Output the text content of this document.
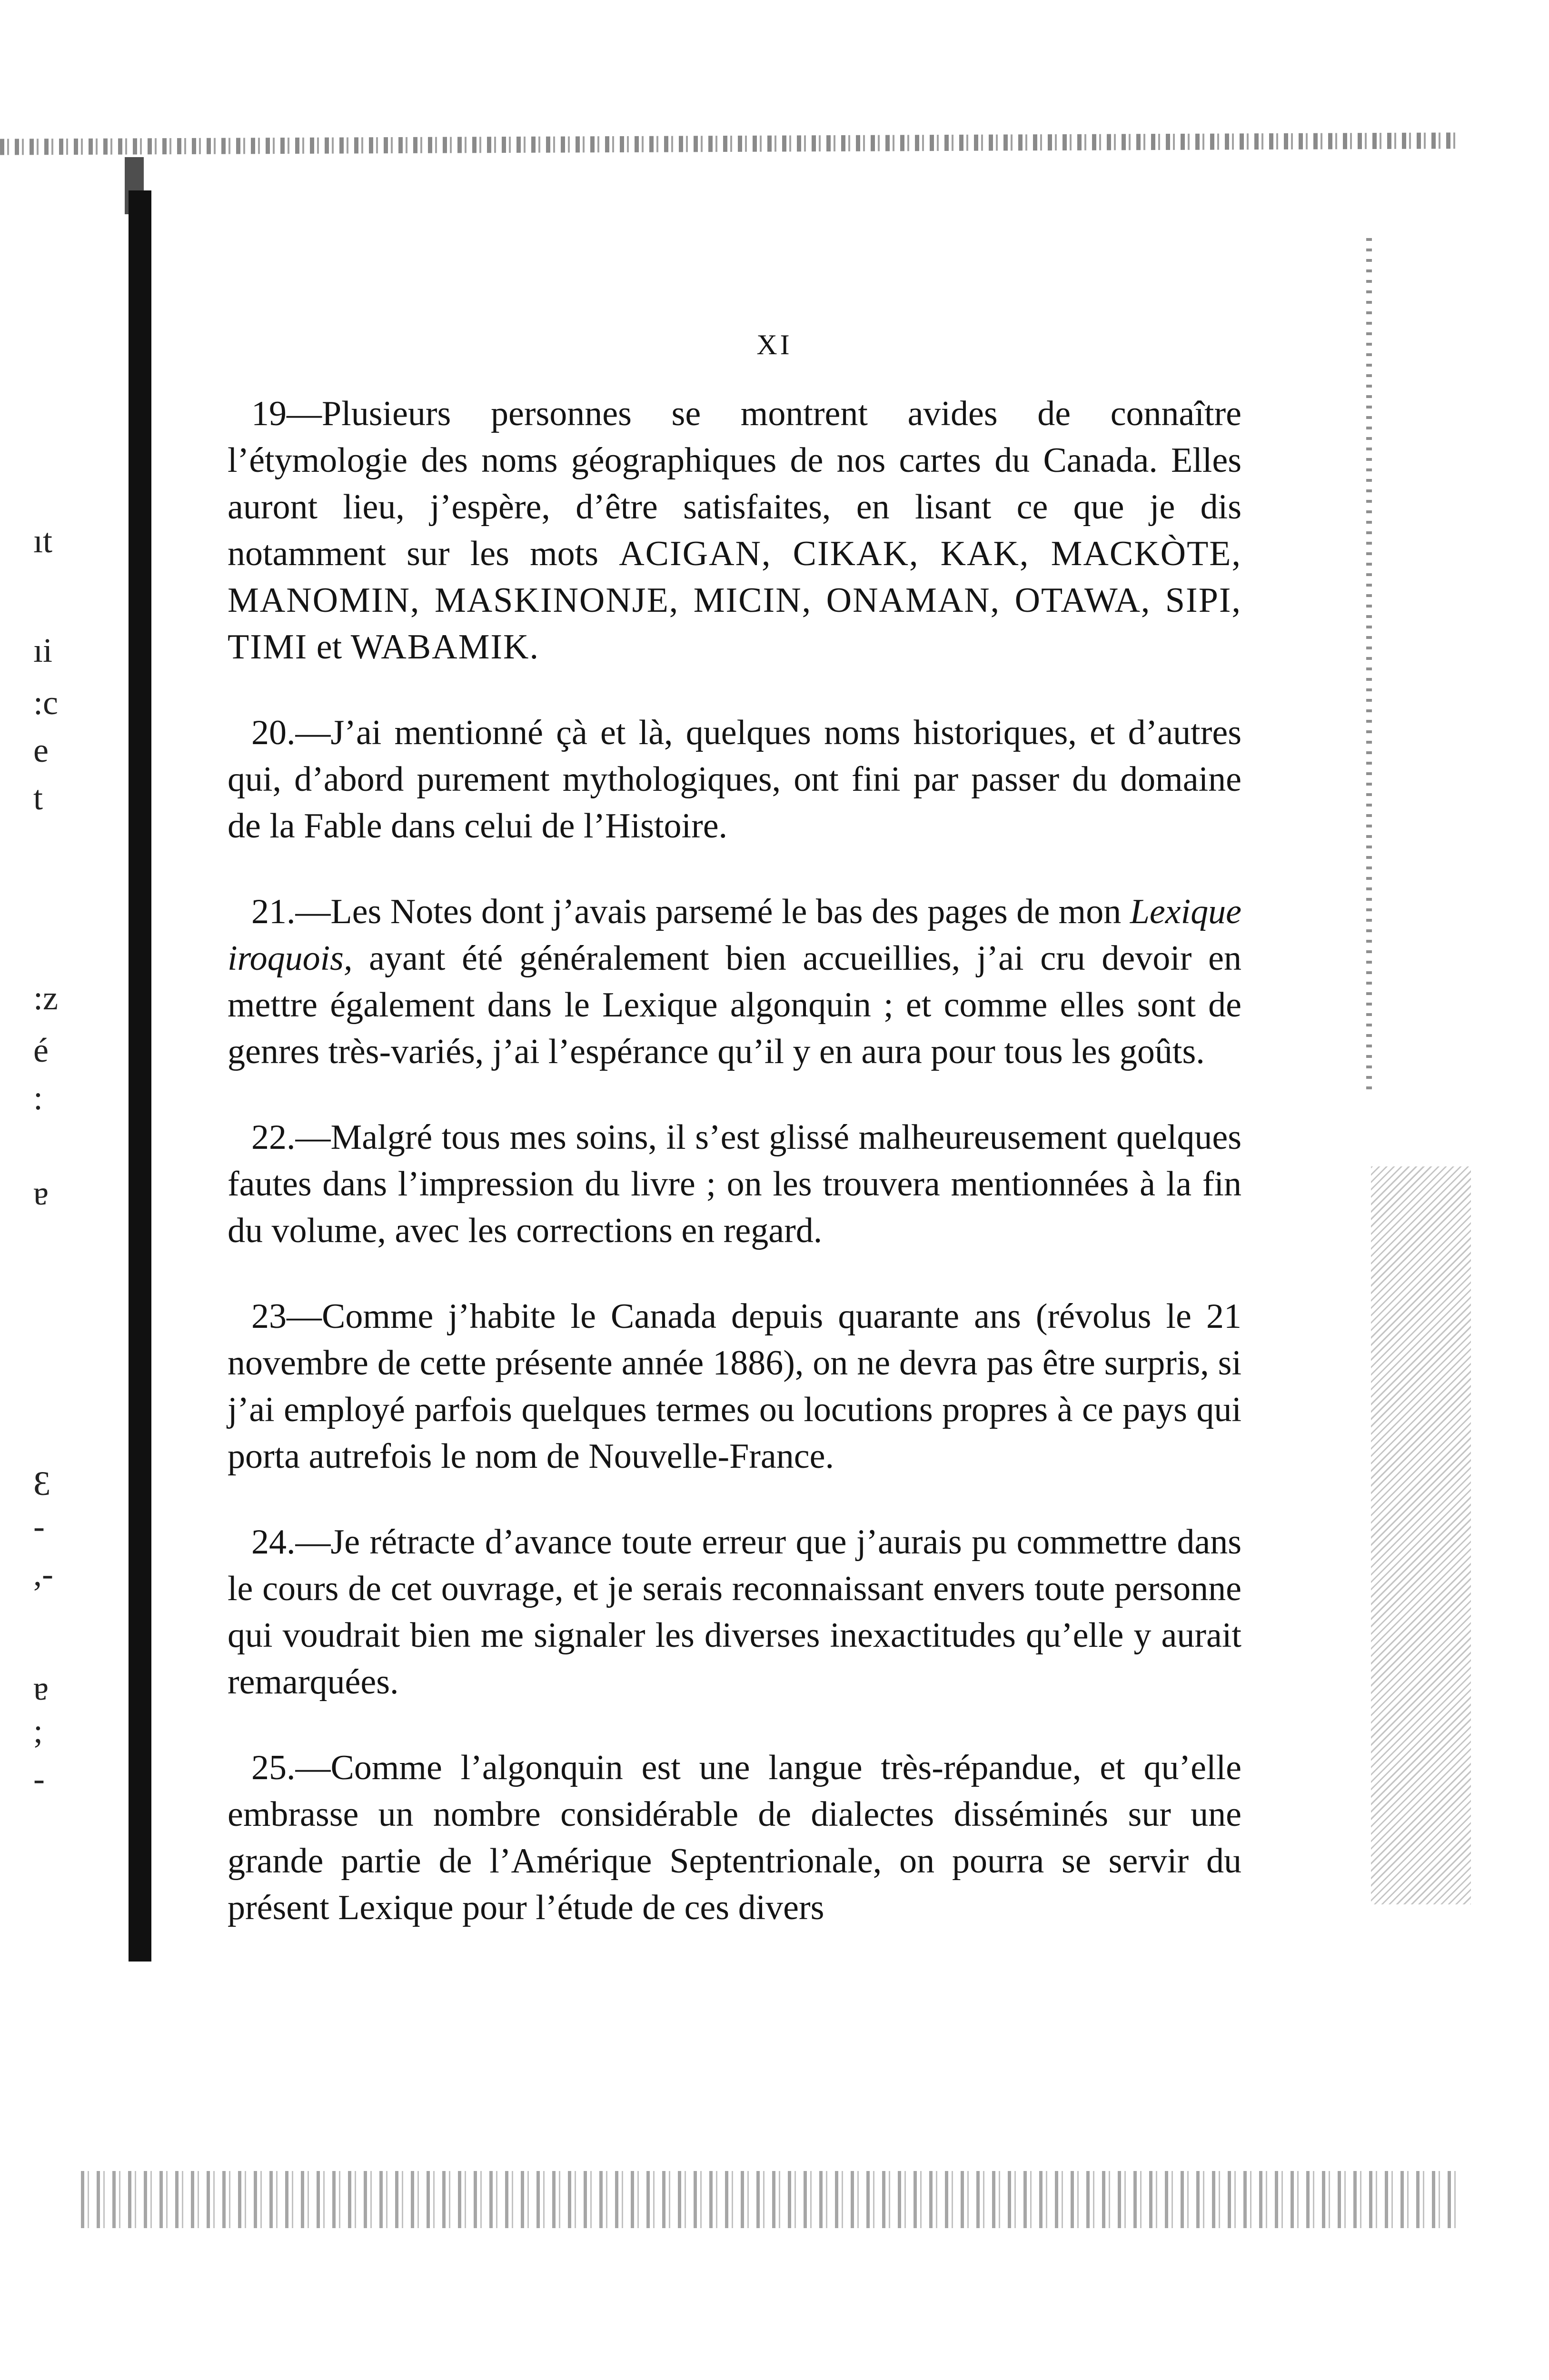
ıt
ıi
:c
e
t
:z
é
:
ɐ
Ɛ
-
,-
ɐ
;
-
XI

19—Plusieurs personnes se montrent avides de connaître l’étymologie des noms géographiques de nos cartes du Canada. Elles auront lieu, j’espère, d’être satisfaites, en lisant ce que je dis notamment sur les mots ACIGAN, CIKAK, KAK, MACKÒTE, MANOMIN, MASKINONJE, MICIN, ONAMAN, OTAWA, SIPI, TIMI et WABAMIK.

20.—J’ai mentionné çà et là, quelques noms historiques, et d’autres qui, d’abord purement mythologiques, ont fini par passer du domaine de la Fable dans celui de l’Histoire.

21.—Les Notes dont j’avais parsemé le bas des pages de mon Lexique iroquois, ayant été généralement bien accueillies, j’ai cru devoir en mettre également dans le Lexique algonquin ; et comme elles sont de genres très-variés, j’ai l’espérance qu’il y en aura pour tous les goûts.

22.—Malgré tous mes soins, il s’est glissé malheureusement quelques fautes dans l’impression du livre ; on les trouvera mentionnées à la fin du volume, avec les corrections en regard.

23—Comme j’habite le Canada depuis quarante ans (révolus le 21 novembre de cette présente année 1886), on ne devra pas être surpris, si j’ai employé parfois quelques termes ou locutions propres à ce pays qui porta autrefois le nom de Nouvelle-France.

24.—Je rétracte d’avance toute erreur que j’aurais pu commettre dans le cours de cet ouvrage, et je serais reconnaissant envers toute personne qui voudrait bien me signaler les diverses inexactitudes qu’elle y aurait remarquées.

25.—Comme l’algonquin est une langue très-répandue, et qu’elle embrasse un nombre considérable de dialectes disséminés sur une grande partie de l’Amérique Septentrionale, on pourra se servir du présent Lexique pour l’étude de ces divers
